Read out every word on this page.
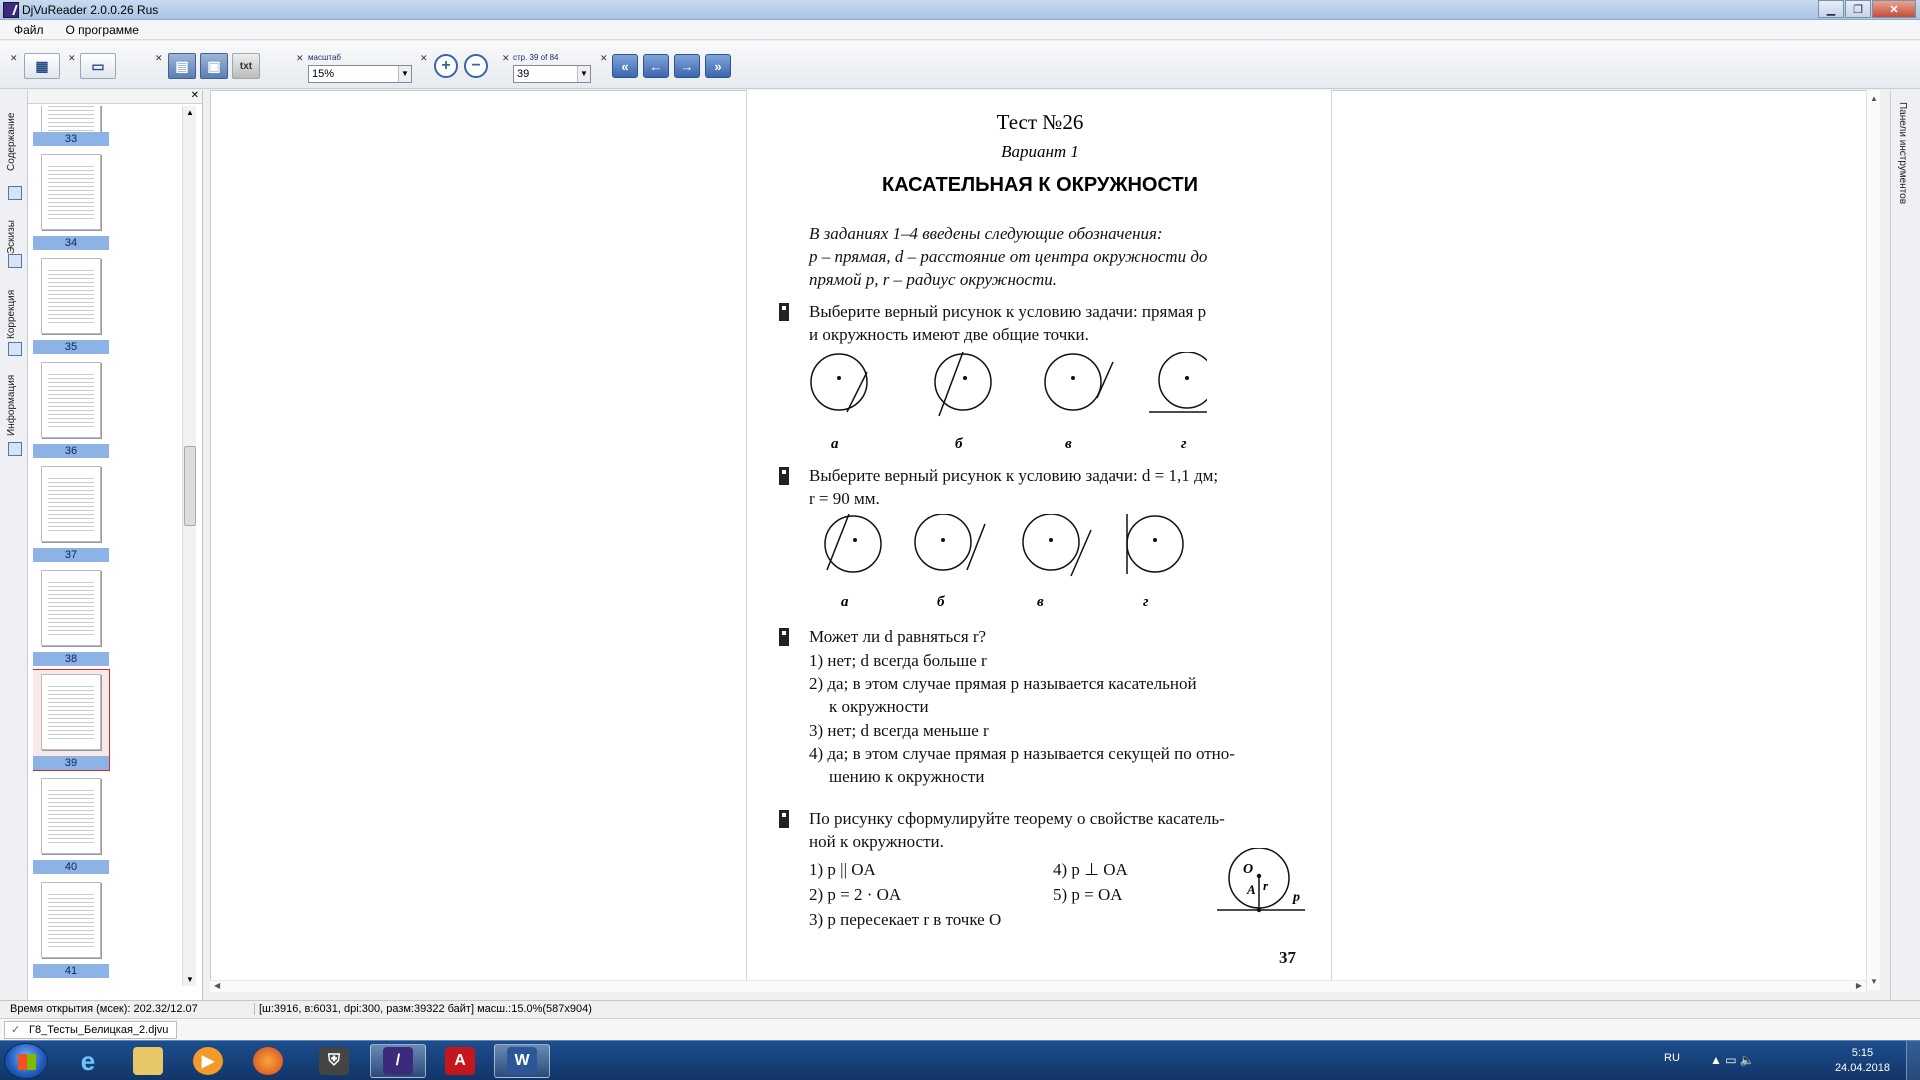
DjVuReader 2.0.0.26 Rus	▁	❐	✕
Файл	О программе
✕	▦	✕	▭	✕ ▤	▣	txt
✕ масштаб
15%	▼
✕ +	−	✕ стр. 39 of 84
39	▼
✕
«	←	→	»
Содержание
Эскизы
Коррекция
Информация
✕
33
34
35
36
37
38
39
40
41
▲
▼
Тест №26
Вариант 1
КАСАТЕЛЬНАЯ К ОКРУЖНОСТИ
В заданиях 1–4 введены следующие обозначения:
p – прямая, d – расстояние от центра окружности до
прямой p, r – радиус окружности.
Выберите верный рисунок к условию задачи: прямая p
и окружность имеют две общие точки.
а	б	в	г
Выберите верный рисунок к условию задачи: d = 1,1 дм;
r = 90 мм.
а	б	в	г
Может ли d равняться r?
1) нет; d всегда больше r
2) да; в этом случае прямая p называется касательной
к окружности
3) нет; d всегда меньше r
4) да; в этом случае прямая p называется секущей по отно-
шению к окружности
По рисунку сформулируйте теорему о свойстве касатель-
ной к окружности.
1) p || OA
2) p = 2 · OA
3) p пересекает r в точке O
4) p ⊥ OA
5) p = OA
O
A r
p
37
▲
▼
◀	▶
Панели инструментов
Время открытия (мсек): 202.32/12.07	[ш:3916, в:6031, dpi:300, разм:39322 байт] масш.:15.0%(587x904)
✓ Г8_Тесты_Белицкая_2.djvu
e	▶	⛨	/	A	W	RU	▲ ▭ 🔈	5:15
24.04.2018
